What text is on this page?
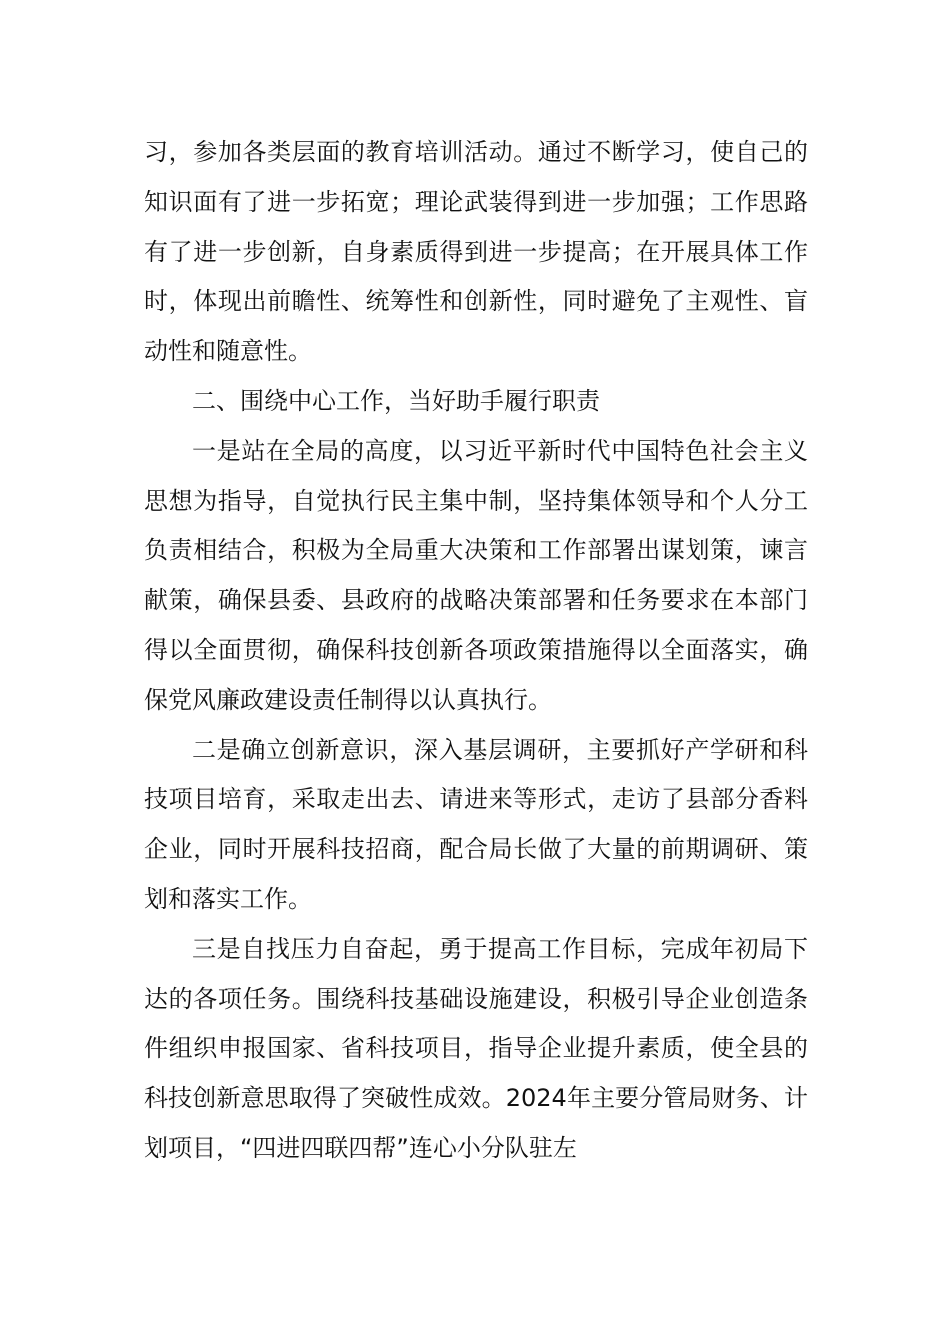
习，参加各类层面的教育培训活动。通过不断学习，使自己的知识面有了进一步拓宽；理论武装得到进一步加强；工作思路有了进一步创新，自身素质得到进一步提高；在开展具体工作时，体现出前瞻性、统筹性和创新性，同时避免了主观性、盲动性和随意性。

二、围绕中心工作，当好助手履行职责

一是站在全局的高度，以习近平新时代中国特色社会主义思想为指导，自觉执行民主集中制，坚持集体领导和个人分工负责相结合，积极为全局重大决策和工作部署出谋划策，谏言献策，确保县委、县政府的战略决策部署和任务要求在本部门得以全面贯彻，确保科技创新各项政策措施得以全面落实，确保党风廉政建设责任制得以认真执行。

二是确立创新意识，深入基层调研，主要抓好产学研和科技项目培育，采取走出去、请进来等形式，走访了县部分香料企业，同时开展科技招商，配合局长做了大量的前期调研、策划和落实工作。

三是自找压力自奋起，勇于提高工作目标，完成年初局下达的各项任务。围绕科技基础设施建设，积极引导企业创造条件组织申报国家、省科技项目，指导企业提升素质，使全县的科技创新意思取得了突破性成效。2024年主要分管局财务、计划项目，“四进四联四帮”连心小分队驻左
